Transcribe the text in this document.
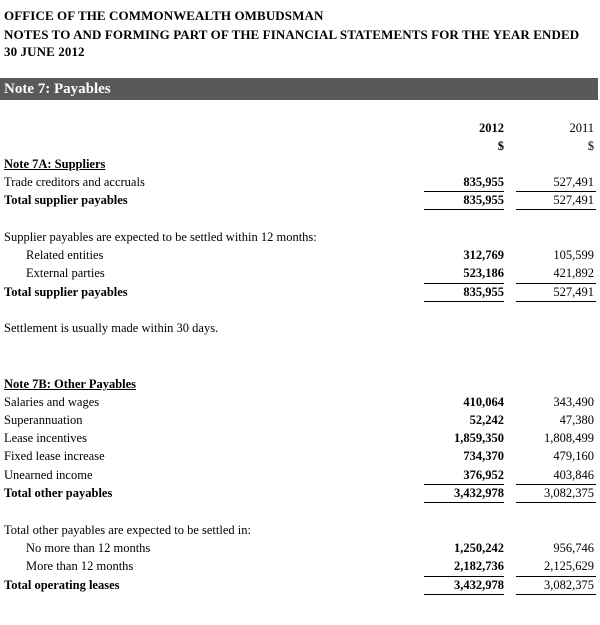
OFFICE OF THE COMMONWEALTH OMBUDSMAN
NOTES TO AND FORMING PART OF THE FINANCIAL STATEMENTS FOR THE YEAR ENDED
30 JUNE 2012
Note 7: Payables
2012	2011
$	$
Note 7A: Suppliers
Trade creditors and accruals	835,955	527,491
Total supplier payables	835,955	527,491
Supplier payables are expected to be settled within 12 months:
Related entities	312,769	105,599
External parties	523,186	421,892
Total supplier payables	835,955	527,491
Settlement is usually made within 30 days.
Note 7B: Other Payables
Salaries and wages	410,064	343,490
Superannuation	52,242	47,380
Lease incentives	1,859,350	1,808,499
Fixed lease increase	734,370	479,160
Unearned income	376,952	403,846
Total other payables	3,432,978	3,082,375
Total other payables are expected to be settled in:
No more than 12 months	1,250,242	956,746
More than 12 months	2,182,736	2,125,629
Total operating leases	3,432,978	3,082,375
